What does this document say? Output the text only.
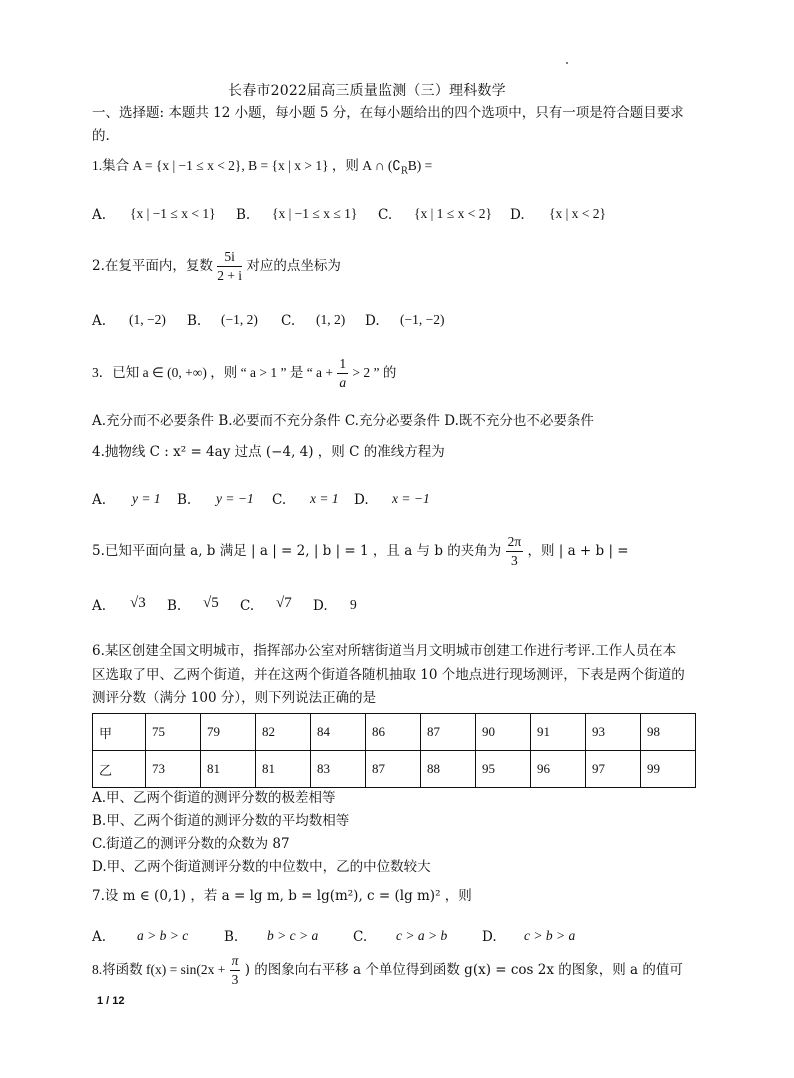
长春市2022届高三质量监测（三）理科数学
一、选择题: 本题共 12 小题，每小题 5 分，在每小题给出的四个选项中，只有一项是符合题目要求
的.
1.集合 A = {x | −1 ≤ x < 2}, B = {x | x > 1} ，则 A ∩ $(∁_RB)$ =
A. {x | −1 ≤ x < 1} B. {x | −1 ≤ x ≤ 1} C. {x | 1 ≤ x < 2} D. {x | x < 2}
2.在复平面内，复数 $\frac{5i}{2 + i}$ 对应的点坐标为
A. (1, −2) B. (−1, 2) C. (1, 2) D. (−1, −2)
3．已知 a ∈ (0, +∞) ，则 “ a > 1 ” 是 “ $a + \frac{1}{a} > 2$ ” 的
A.充分而不必要条件 B.必要而不充分条件 C.充分必要条件 D.既不充分也不必要条件
4.抛物线 C : x² = 4ay 过点 (−4, 4) ，则 C 的准线方程为
A. y = 1 B. y = −1 C. x = 1 D. x = −1
5.已知平面向量 a, b 满足 | a | = 2, | b | = 1 ，且 a 与 b 的夹角为 $\frac{2\pi}{3}$ ，则 | a + b | =
A. √3 B. √5 C. √7 D. 9
6.某区创建全国文明城市，指挥部办公室对所辖街道当月文明城市创建工作进行考评.工作人员在本
区选取了甲、乙两个街道，并在这两个街道各随机抽取 10 个地点进行现场测评，下表是两个街道的
测评分数（满分 100 分），则下列说法正确的是
甲	75	79	82	84	86	87	90	91	93	98
乙	73	81	81	83	87	88	95	96	97	99
A.甲、乙两个街道的测评分数的极差相等
B.甲、乙两个街道的测评分数的平均数相等
C.街道乙的测评分数的众数为 87
D.甲、乙两个街道测评分数的中位数中，乙的中位数较大
7.设 m ∈ (0,1) ，若 a = lg m, b = lg(m²), c = (lg m)² ，则
A. a > b > c	B. b > c > a	C. c > a > b	D. c > b > a
8.将函数 $f(x) = \sin(2x + \frac{\pi}{3}$ ) 的图象向右平移 a 个单位得到函数 g(x) = cos 2x 的图象，则 a 的值可
1 / 12
